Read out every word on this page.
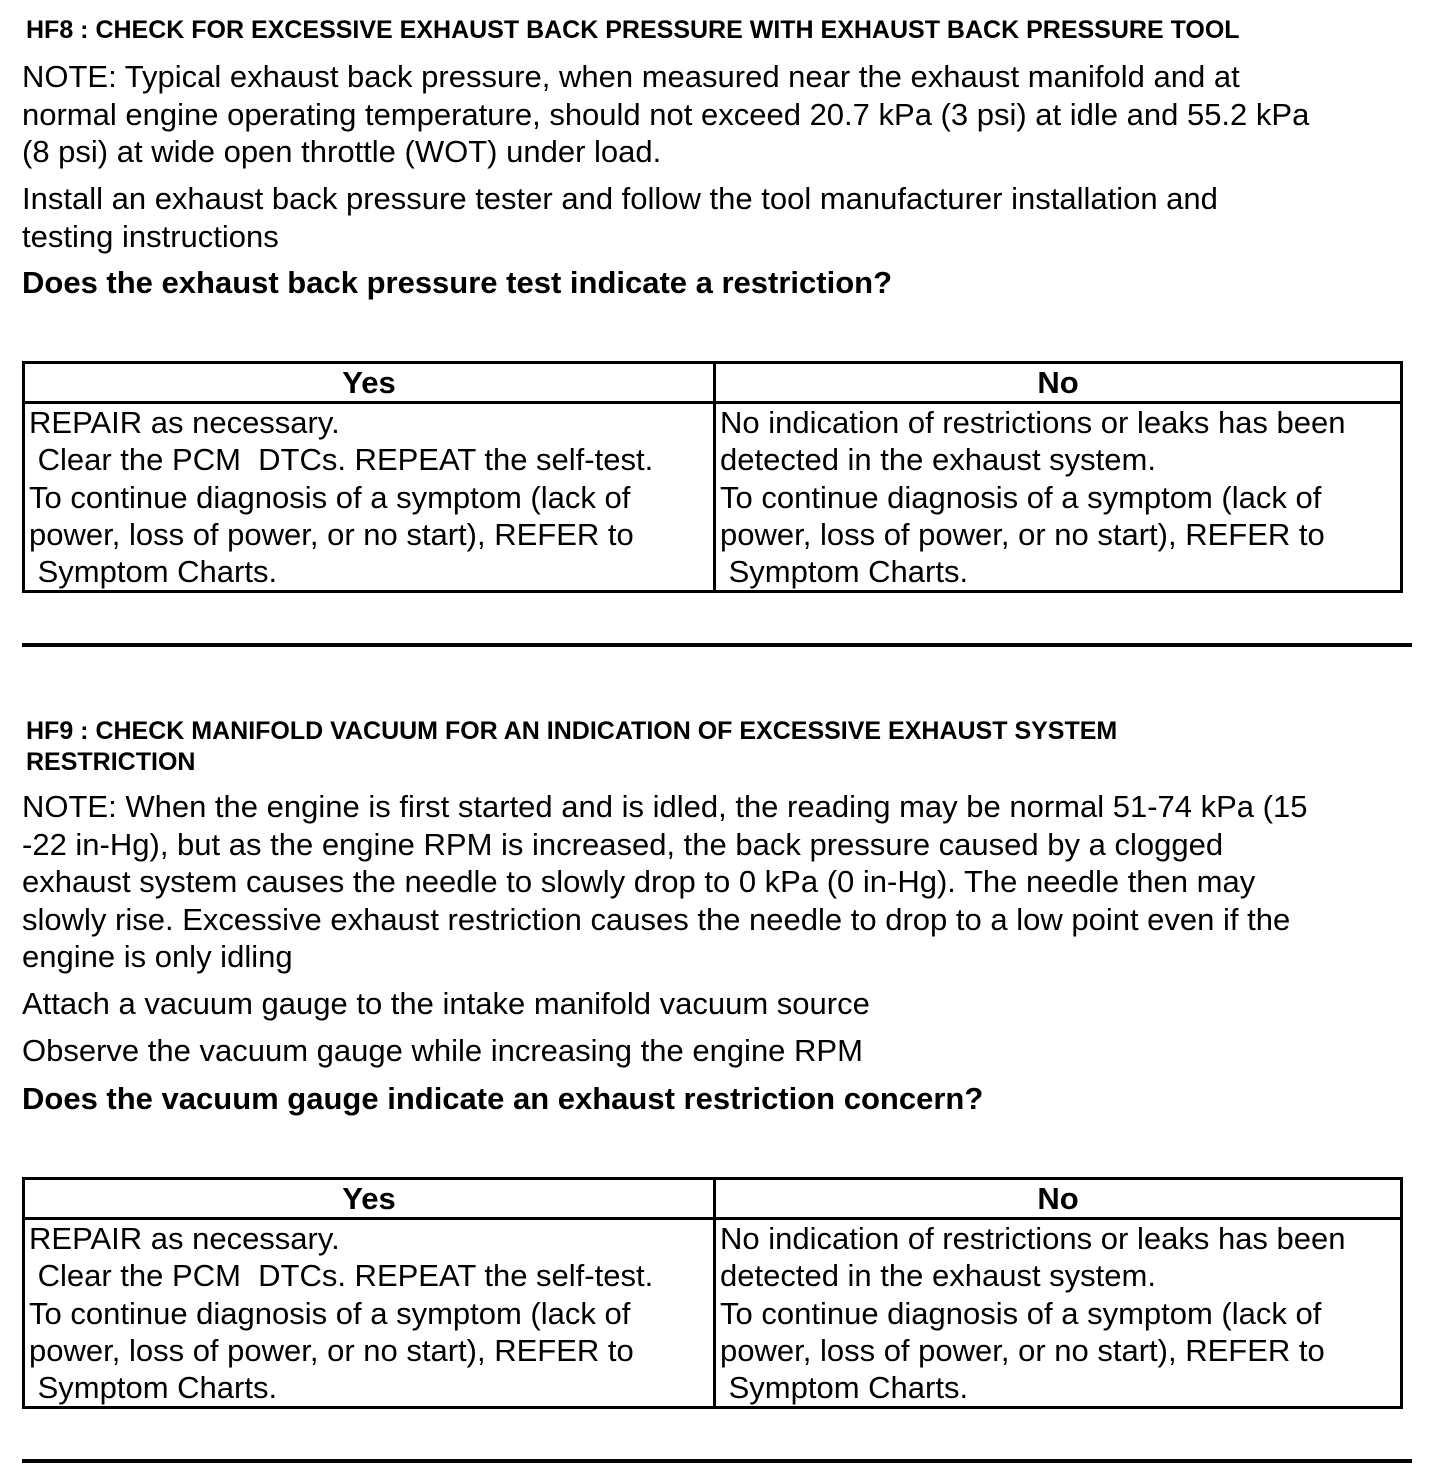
HF8 : CHECK FOR EXCESSIVE EXHAUST BACK PRESSURE WITH EXHAUST BACK PRESSURE TOOL

NOTE: Typical exhaust back pressure, when measured near the exhaust manifold and at
normal engine operating temperature, should not exceed 20.7 kPa (3 psi) at idle and 55.2 kPa
(8 psi) at wide open throttle (WOT) under load.

Install an exhaust back pressure tester and follow the tool manufacturer installation and
testing instructions

Does the exhaust back pressure test indicate a restriction?

Yes	No

REPAIR as necessary.
Clear the PCM  DTCs. REPEAT the self-test.
To continue diagnosis of a symptom (lack of
power, loss of power, or no start), REFER to
Symptom Charts.	No indication of restrictions or leaks has been
detected in the exhaust system.
To continue diagnosis of a symptom (lack of
power, loss of power, or no start), REFER to
Symptom Charts.
HF9 : CHECK MANIFOLD VACUUM FOR AN INDICATION OF EXCESSIVE EXHAUST SYSTEM
RESTRICTION

NOTE: When the engine is first started and is idled, the reading may be normal 51-74 kPa (15
-22 in-Hg), but as the engine RPM is increased, the back pressure caused by a clogged
exhaust system causes the needle to slowly drop to 0 kPa (0 in-Hg). The needle then may
slowly rise. Excessive exhaust restriction causes the needle to drop to a low point even if the
engine is only idling

Attach a vacuum gauge to the intake manifold vacuum source

Observe the vacuum gauge while increasing the engine RPM

Does the vacuum gauge indicate an exhaust restriction concern?

Yes	No

REPAIR as necessary.
Clear the PCM  DTCs. REPEAT the self-test.
To continue diagnosis of a symptom (lack of
power, loss of power, or no start), REFER to
Symptom Charts.	No indication of restrictions or leaks has been
detected in the exhaust system.
To continue diagnosis of a symptom (lack of
power, loss of power, or no start), REFER to
Symptom Charts.
